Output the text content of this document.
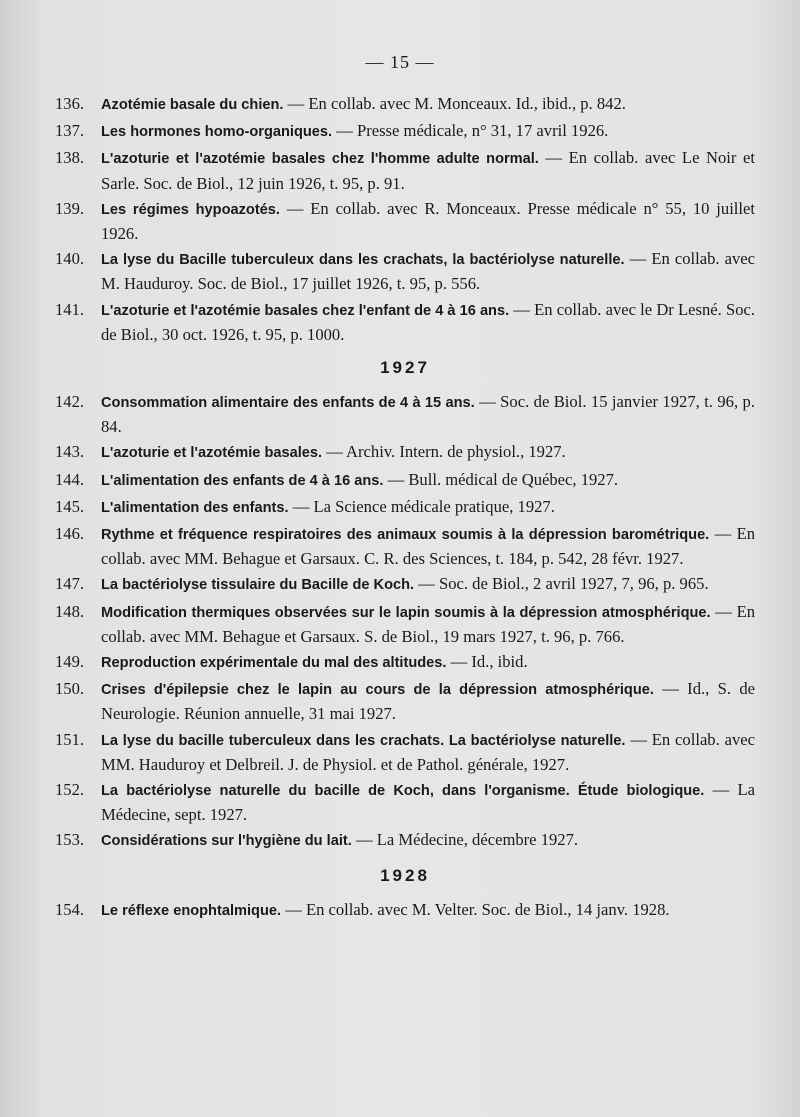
— 15 —
136.	Azotémie basale du chien. — En collab. avec M. Monceaux. Id., ibid., p. 842.
137.	Les hormones homo-organiques. — Presse médicale, n° 31, 17 avril 1926.
138.	L'azoturie et l'azotémie basales chez l'homme adulte normal. — En collab. avec Le Noir et Sarle. Soc. de Biol., 12 juin 1926, t. 95, p. 91.
139.	Les régimes hypoazotés. — En collab. avec R. Monceaux. Presse médicale n° 55, 10 juillet 1926.
140.	La lyse du Bacille tuberculeux dans les crachats, la bactériolyse naturelle. — En collab. avec M. Hauduroy. Soc. de Biol., 17 juillet 1926, t. 95, p. 556.
141.	L'azoturie et l'azotémie basales chez l'enfant de 4 à 16 ans. — En collab. avec le Dr Lesné. Soc. de Biol., 30 oct. 1926, t. 95, p. 1000.
1927
142.	Consommation alimentaire des enfants de 4 à 15 ans. — Soc. de Biol. 15 janvier 1927, t. 96, p. 84.
143.	L'azoturie et l'azotémie basales. — Archiv. Intern. de physiol., 1927.
144.	L'alimentation des enfants de 4 à 16 ans. — Bull. médical de Québec, 1927.
145.	L'alimentation des enfants. — La Science médicale pratique, 1927.
146.	Rythme et fréquence respiratoires des animaux soumis à la dépression barométrique. — En collab. avec MM. Behague et Garsaux. C. R. des Sciences, t. 184, p. 542, 28 févr. 1927.
147.	La bactériolyse tissulaire du Bacille de Koch. — Soc. de Biol., 2 avril 1927, 7, 96, p. 965.
148.	Modification thermiques observées sur le lapin soumis à la dépression atmosphérique. — En collab. avec MM. Behague et Garsaux. S. de Biol., 19 mars 1927, t. 96, p. 766.
149.	Reproduction expérimentale du mal des altitudes. — Id., ibid.
150.	Crises d'épilepsie chez le lapin au cours de la dépression atmosphérique. — Id., S. de Neurologie. Réunion annuelle, 31 mai 1927.
151.	La lyse du bacille tuberculeux dans les crachats. La bactériolyse naturelle. — En collab. avec MM. Hauduroy et Delbreil. J. de Physiol. et de Pathol. générale, 1927.
152.	La bactériolyse naturelle du bacille de Koch, dans l'organisme. Étude biologique. — La Médecine, sept. 1927.
153.	Considérations sur l'hygiène du lait. — La Médecine, décembre 1927.
1928
154.	Le réflexe enophtalmique. — En collab. avec M. Velter. Soc. de Biol., 14 janv. 1928.
